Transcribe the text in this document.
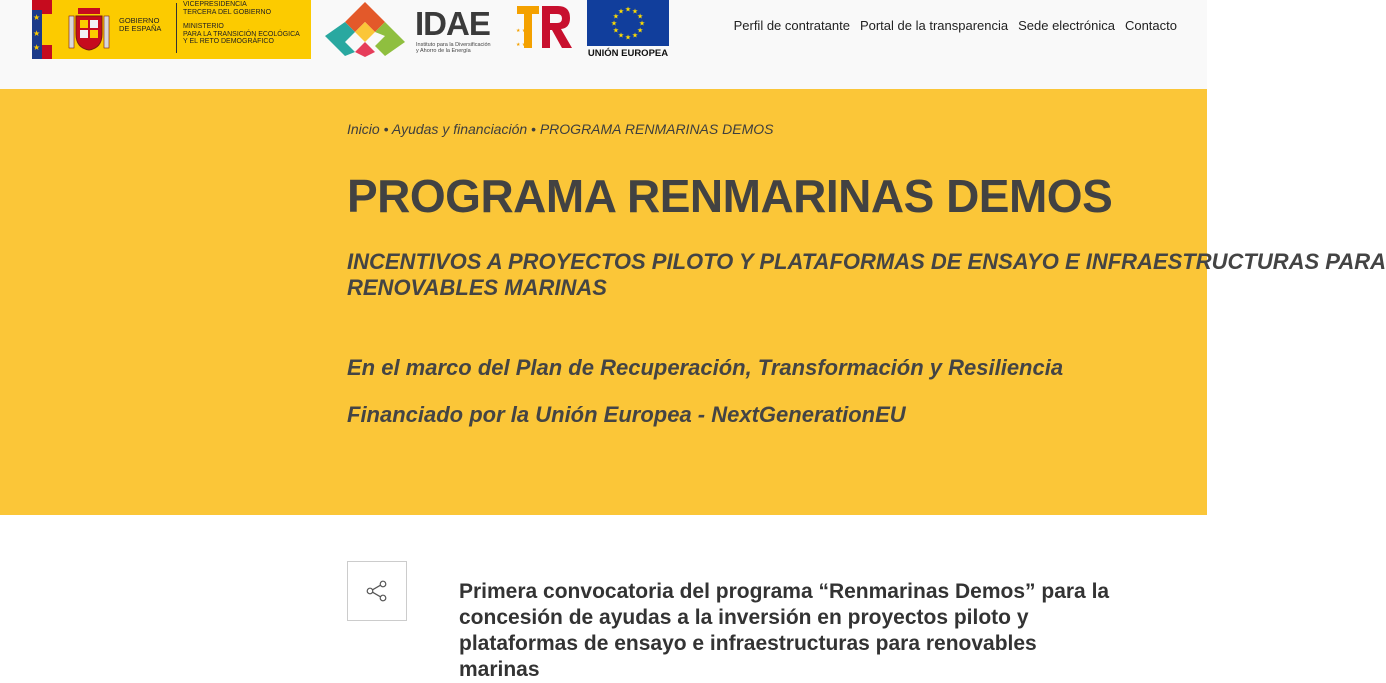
★
★
★
GOBIERNO
DE ESPAÑA
VICEPRESIDENCIA
TERCERA DEL GOBIERNO
MINISTERIO
PARA LA TRANSICIÓN ECOLÓGICA
Y EL RETO DEMOGRÁFICO	IDAE
Instituto para la Diversificación
y Ahorro de la Energía
★ ★
★ ★
★ ★
★
★
★
★
★
★
★
★
★
★
UNIÓN EUROPEA
Perfil de contratante Portal de la transparencia Sede electrónica Contacto
Inicio • Ayudas y financiación • PROGRAMA RENMARINAS DEMOS
PROGRAMA RENMARINAS DEMOS
INCENTIVOS A PROYECTOS PILOTO Y PLATAFORMAS DE ENSAYO E INFRAESTRUCTURAS PARA
RENOVABLES MARINAS
En el marco del Plan de Recuperación, Transformación y Resiliencia
Financiado por la Unión Europea - NextGenerationEU
Primera convocatoria del programa “Renmarinas Demos” para la concesión de ayudas a la inversión en proyectos piloto y plataformas de ensayo e infraestructuras para renovables marinas
